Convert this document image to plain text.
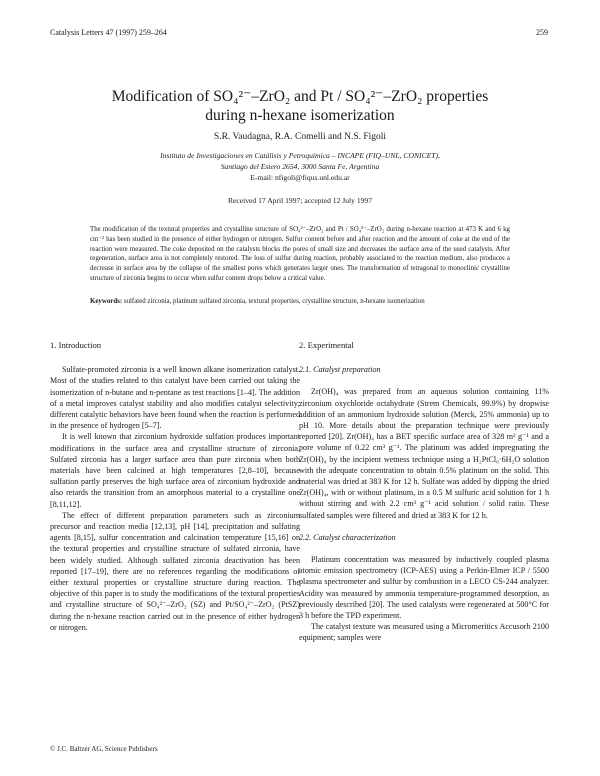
Catalysis Letters 47 (1997) 259–264	259
Modification of SO₄²⁻–ZrO₂ and Pt / SO₄²⁻–ZrO₂ properties
during n-hexane isomerization
S.R. Vaudagna, R.A. Comelli and N.S. Figoli
Instituto de Investigaciones en Catálisis y Petroquímica – INCAPE (FIQ–UNL, CONICET),
Santiago del Estero 2654, 3000 Santa Fe, Argentina
E-mail: nfigoli@fiqus.unl.edu.ar
Received 17 April 1997; accepted 12 July 1997
The modification of the textural properties and crystalline structure of SO₄²⁻–ZrO₂ and Pt / SO₄²⁻–ZrO₂ during n-hexane reaction at 473 K and 6 kg cm⁻² has been studied in the presence of either hydrogen or nitrogen. Sulfur content before and after reaction and the amount of coke at the end of the reaction were measured. The coke deposited on the catalysts blocks the pores of small size and decreases the surface area of the used catalysts. After regeneration, surface area is not completely restored. The loss of sulfur during reaction, probably associated to the reaction medium, also produces a decrease in surface area by the collapse of the smallest pores which generates larger ones. The transformation of tetragonal to monoclinic crystalline structure of zirconia begins to occur when sulfur content drops below a critical value.
Keywords: sulfated zirconia, platinum sulfated zirconia, textural properties, crystalline structure, n-hexane isomerization
1. Introduction

Sulfate-promoted zirconia is a well known alkane isomerization catalyst. Most of the studies related to this catalyst have been carried out taking the isomerization of n-butane and n-pentane as test reactions [1–4]. The addition of a metal improves catalyst stability and also modifies catalyst selectivity; different catalytic behaviors have been found when the reaction is performed in the presence of hydrogen [5–7].

It is well known that zirconium hydroxide sulfation produces important modifications in the surface area and crystalline structure of zirconia. Sulfated zirconia has a larger surface area than pure zirconia when both materials have been calcined at high temperatures [2,8–10], because sulfation partly preserves the high surface area of zirconium hydroxide and also retards the transition from an amorphous material to a crystalline one [8,11,12].

The effect of different preparation parameters such as zirconium precursor and reaction media [12,13], pH [14], precipitation and sulfating agents [8,15], sulfur concentration and calcination temperature [15,16] on the textural properties and crystalline structure of sulfated zirconia, have been widely studied. Although sulfated zirconia deactivation has been reported [17–19], there are no references regarding the modifications of either textural properties or crystalline structure during reaction. The objective of this paper is to study the modifications of the textural properties and crystalline structure of SO₄²⁻–ZrO₂ (SZ) and Pt/SO₄²⁻–ZrO₂ (PtSZ) during the n-hexane reaction carried out in the presence of either hydrogen or nitrogen.

2. Experimental
2.1. Catalyst preparation

Zr(OH)₄ was prepared from an aqueous solution containing 11% zirconium oxychloride octahydrate (Strem Chemicals, 99.9%) by dropwise addition of an ammonium hydroxide solution (Merck, 25% ammonia) up to pH 10. More details about the preparation technique were previously reported [20]. Zr(OH)₄ has a BET specific surface area of 328 m² g⁻¹ and a pore volume of 0.22 cm³ g⁻¹. The platinum was added impregnating the Zr(OH)₄ by the incipient wetness technique using a H₂PtCl₆·6H₂O solution with the adequate concentration to obtain 0.5% platinum on the solid. This material was dried at 383 K for 12 h. Sulfate was added by dipping the dried Zr(OH)₄, with or without platinum, in a 0.5 M sulfuric acid solution for 1 h without stirring and with 2.2 cm³ g⁻¹ acid solution / solid ratio. These sulfated samples were filtered and dried at 383 K for 12 h.

2.2. Catalyst characterization

Platinum concentration was measured by inductively coupled plasma atomic emission spectrometry (ICP-AES) using a Perkin-Elmer ICP / 5500 plasma spectrometer and sulfur by combustion in a LECO CS-244 analyzer. Acidity was measured by ammonia temperature-programmed desorption, as previously described [20]. The used catalysts were regenerated at 500°C for 3 h before the TPD experiment.

The catalyst texture was measured using a Micromeritics Accusorb 2100 equipment; samples were

© J.C. Baltzer AG, Science Publishers
